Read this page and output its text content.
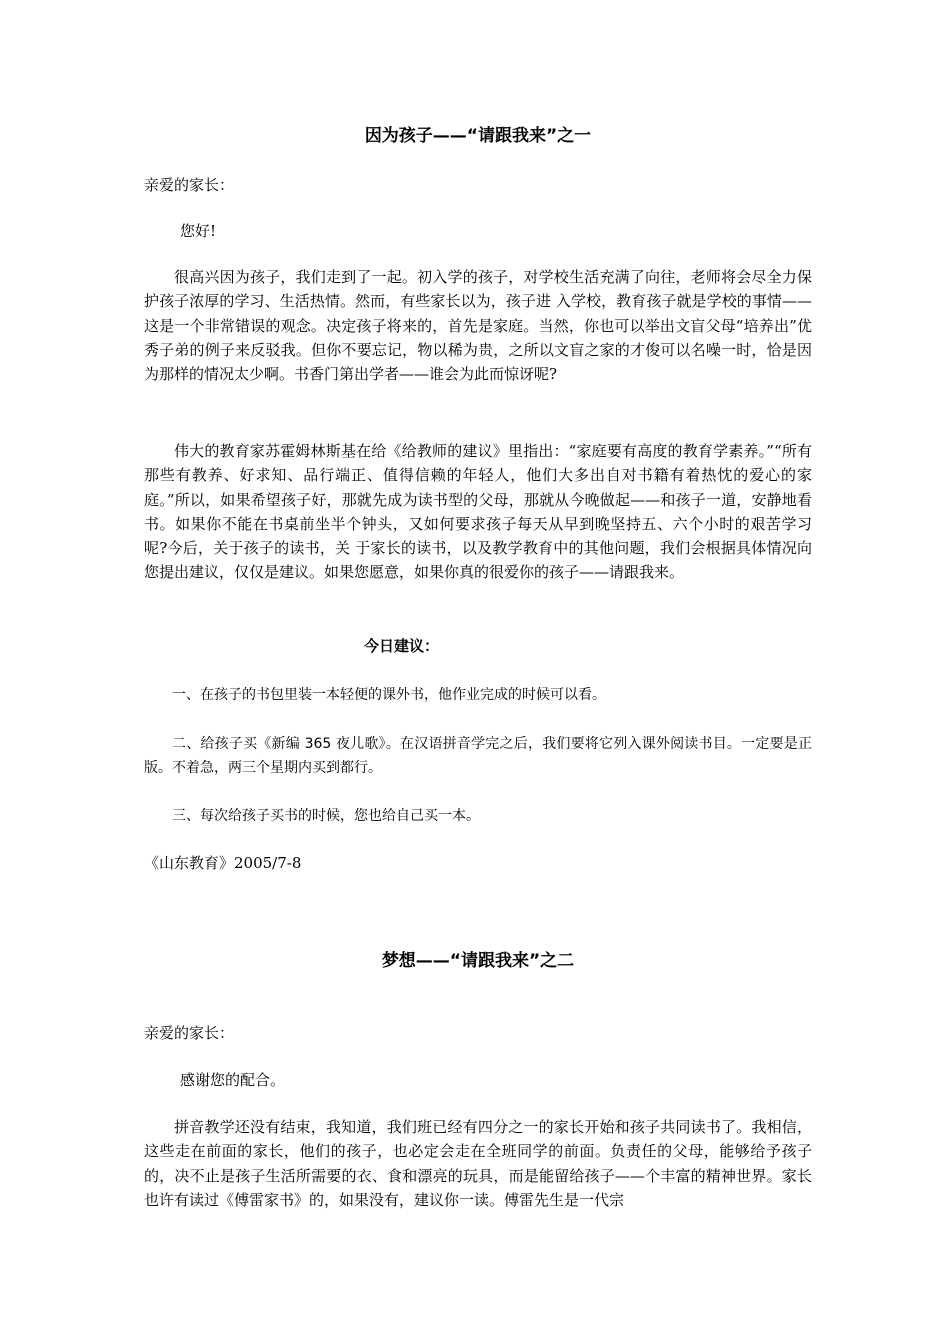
因为孩子——“请跟我来”之一
亲爱的家长：
您好!
很高兴因为孩子，我们走到了一起。初入学的孩子，对学校生活充满了向往，老师将会尽全力保护孩子浓厚的学习、生活热情。然而，有些家长以为，孩子进 入学校，教育孩子就是学校的事情——这是一个非常错误的观念。决定孩子将来的，首先是家庭。当然，你也可以举出文盲父母“培养出”优秀子弟的例子来反驳我。但你不要忘记，物以稀为贵，之所以文盲之家的才俊可以名噪一时，恰是因为那样的情况太少啊。书香门第出学者——谁会为此而惊讶呢?
伟大的教育家苏霍姆林斯基在给《给教师的建议》里指出：“家庭要有高度的教育学素养。”“所有那些有教养、好求知、品行端正、值得信赖的年轻人，他们大多出自对书籍有着热忱的爱心的家庭。”所以，如果希望孩子好，那就先成为读书型的父母，那就从今晚做起——和孩子一道，安静地看书。如果你不能在书桌前坐半个钟头，又如何要求孩子每天从早到晚坚持五、六个小时的艰苦学习呢?今后，关于孩子的读书，关 于家长的读书，以及教学教育中的其他问题，我们会根据具体情况向您提出建议，仅仅是建议。如果您愿意，如果你真的很爱你的孩子——请跟我来。
今日建议：
一、在孩子的书包里装一本轻便的课外书，他作业完成的时候可以看。
二、给孩子买《新编 365 夜儿歌》。在汉语拼音学完之后，我们要将它列入课外阅读书目。一定要是正版。不着急，两三个星期内买到都行。
三、每次给孩子买书的时候，您也给自己买一本。
《山东教育》2005/7-8
梦想——“请跟我来”之二
亲爱的家长：
感谢您的配合。
拼音教学还没有结束，我知道，我们班已经有四分之一的家长开始和孩子共同读书了。我相信，这些走在前面的家长，他们的孩子，也必定会走在全班同学的前面。负责任的父母，能够给予孩子的，决不止是孩子生活所需要的衣、食和漂亮的玩具，而是能留给孩子——个丰富的精神世界。家长也许有读过《傅雷家书》的，如果没有，建议你一读。傅雷先生是一代宗
